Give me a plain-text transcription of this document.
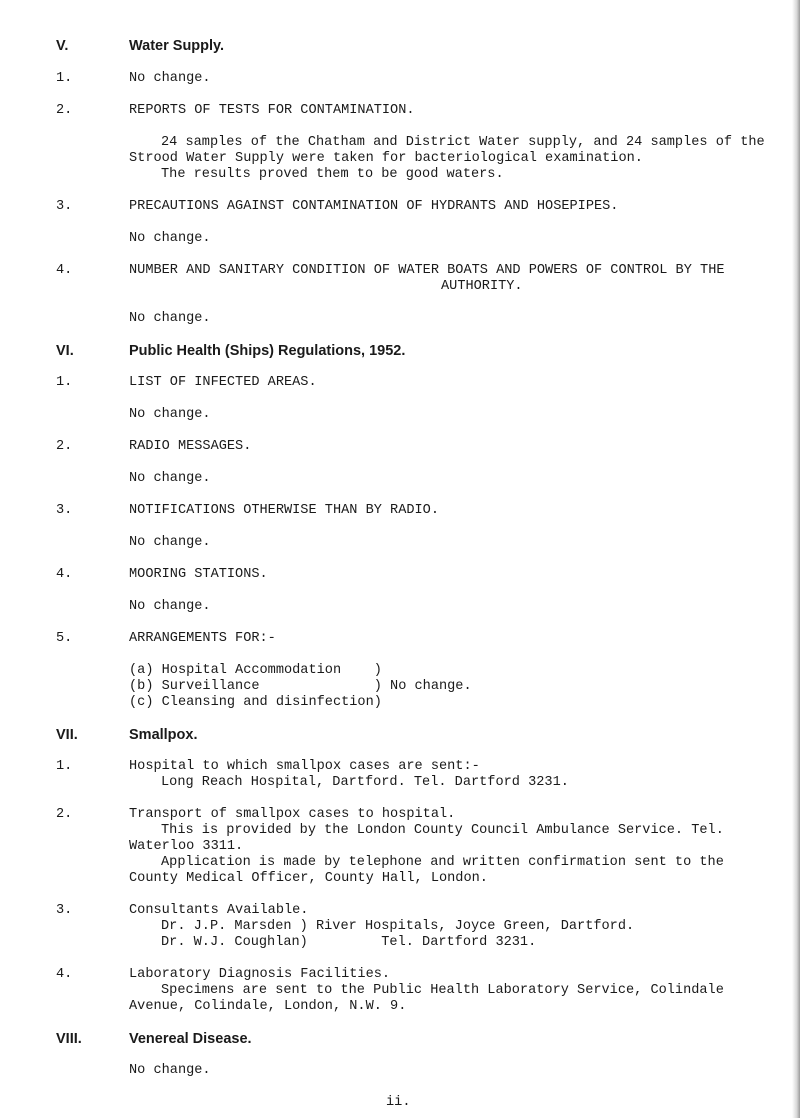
V.	Water Supply.
1.	No change.
2.	REPORTS OF TESTS FOR CONTAMINATION.
24 samples of the Chatham and District Water supply, and 24 samples of the
Strood Water Supply were taken for bacteriological examination.
The results proved them to be good waters.
3.	PRECAUTIONS AGAINST CONTAMINATION OF HYDRANTS AND HOSEPIPES.
No change.
4.	NUMBER AND SANITARY CONDITION OF WATER BOATS AND POWERS OF CONTROL BY THE
AUTHORITY.
No change.
VI.	Public Health (Ships) Regulations, 1952.
1.	LIST OF INFECTED AREAS.
No change.
2.	RADIO MESSAGES.
No change.
3.	NOTIFICATIONS OTHERWISE THAN BY RADIO.
No change.
4.	MOORING STATIONS.
No change.
5.	ARRANGEMENTS FOR:-
(a) Hospital Accommodation    )
(b) Surveillance              ) No change.
(c) Cleansing and disinfection)
VII.	Smallpox.
1.	Hospital to which smallpox cases are sent:-
Long Reach Hospital, Dartford. Tel. Dartford 3231.
2.	Transport of smallpox cases to hospital.
This is provided by the London County Council Ambulance Service. Tel.
Waterloo 3311.
Application is made by telephone and written confirmation sent to the
County Medical Officer, County Hall, London.
3.	Consultants Available.
Dr. J.P. Marsden ) River Hospitals, Joyce Green, Dartford.
Dr. W.J. Coughlan)         Tel. Dartford 3231.
4.	Laboratory Diagnosis Facilities.
Specimens are sent to the Public Health Laboratory Service, Colindale
Avenue, Colindale, London, N.W. 9.
VIII.	Venereal Disease.
No change.
ii.
